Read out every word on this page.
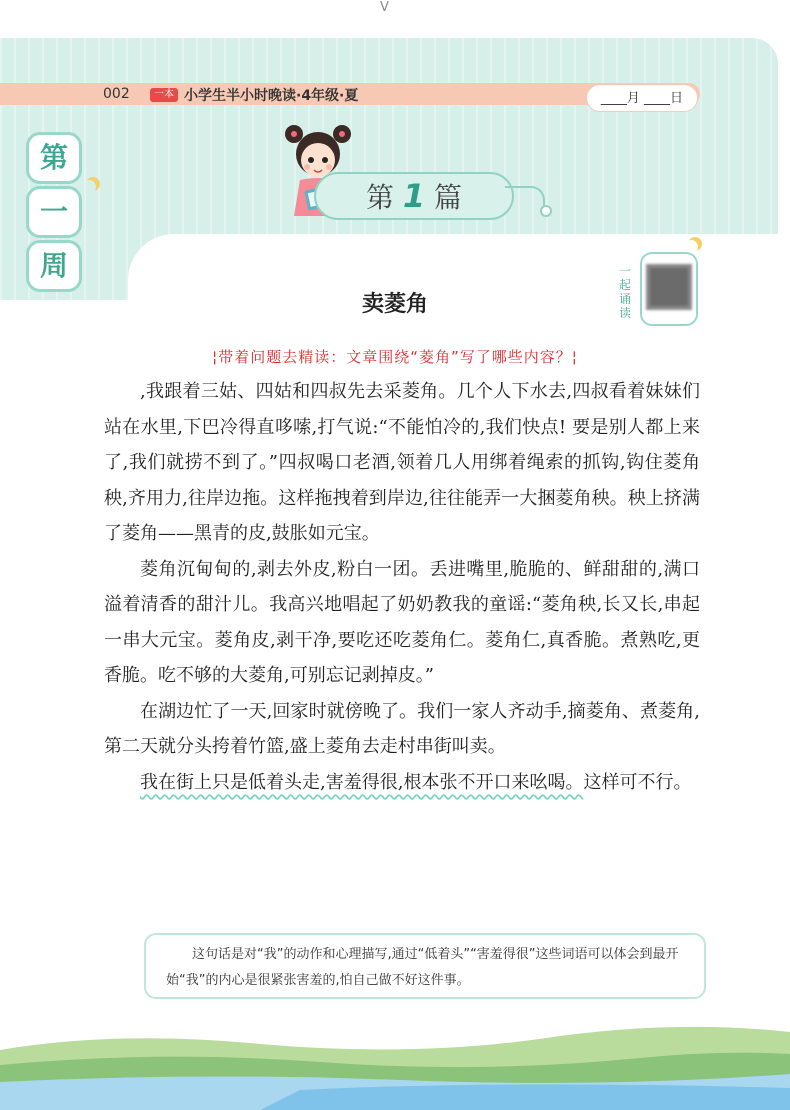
V
002	一本 小学生半小时晚读·4年级·夏	____月 ____日
第
一
周
第 1 篇
卖菱角
一起诵读
¦带着问题去精读：文章围绕“菱角”写了哪些内容？¦

,我跟着三姑、四姑和四叔先去采菱角。几个人下水去,四叔看着妹妹们站在水里,下巴冷得直哆嗦,打气说:“不能怕冷的,我们快点! 要是别人都上来了,我们就捞不到了。”四叔喝口老酒,领着几人用绑着绳索的抓钩,钩住菱角秧,齐用力,往岸边拖。这样拖拽着到岸边,往往能弄一大捆菱角秧。秧上挤满了菱角——黑青的皮,鼓胀如元宝。

菱角沉甸甸的,剥去外皮,粉白一团。丢进嘴里,脆脆的、鲜甜甜的,满口溢着清香的甜汁儿。我高兴地唱起了奶奶教我的童谣:“菱角秧,长又长,串起一串大元宝。菱角皮,剥干净,要吃还吃菱角仁。菱角仁,真香脆。煮熟吃,更香脆。吃不够的大菱角,可别忘记剥掉皮。”

在湖边忙了一天,回家时就傍晚了。我们一家人齐动手,摘菱角、煮菱角,第二天就分头挎着竹篮,盛上菱角去走村串街叫卖。

我在街上只是低着头走,害羞得很,根本张不开口来吆喝。这样可不行。

这句话是对“我”的动作和心理描写,通过“低着头”“害羞得很”这些词语可以体会到最开始“我”的内心是很紧张害羞的,怕自己做不好这件事。
